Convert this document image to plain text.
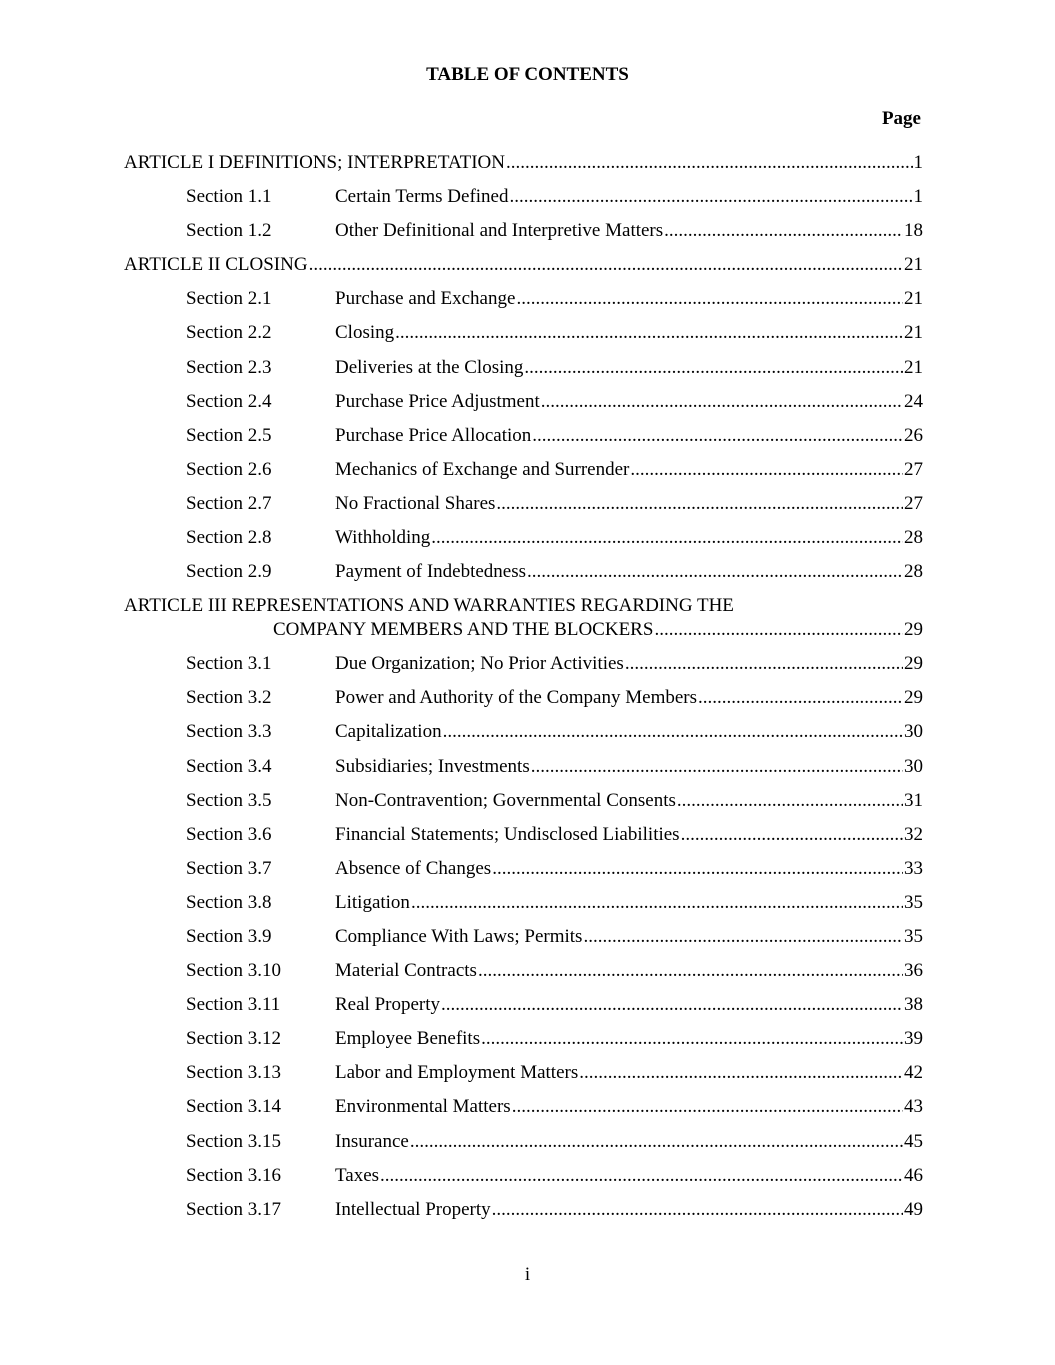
TABLE OF CONTENTS
Page
ARTICLE I DEFINITIONS; INTERPRETATION .....	1
Section 1.1	Certain Terms Defined .....	1
Section 1.2	Other Definitional and Interpretive Matters .....	18
ARTICLE II CLOSING .....	21
Section 2.1	Purchase and Exchange .....	21
Section 2.2	Closing .....	21
Section 2.3	Deliveries at the Closing .....	21
Section 2.4	Purchase Price Adjustment .....	24
Section 2.5	Purchase Price Allocation .....	26
Section 2.6	Mechanics of Exchange and Surrender .....	27
Section 2.7	No Fractional Shares .....	27
Section 2.8	Withholding .....	28
Section 2.9	Payment of Indebtedness .....	28
ARTICLE III REPRESENTATIONS AND WARRANTIES REGARDING THE
COMPANY MEMBERS AND THE BLOCKERS .....	29
Section 3.1	Due Organization; No Prior Activities .....	29
Section 3.2	Power and Authority of the Company Members .....	29
Section 3.3	Capitalization .....	30
Section 3.4	Subsidiaries; Investments .....	30
Section 3.5	Non-Contravention; Governmental Consents .....	31
Section 3.6	Financial Statements; Undisclosed Liabilities .....	32
Section 3.7	Absence of Changes .....	33
Section 3.8	Litigation .....	35
Section 3.9	Compliance With Laws; Permits .....	35
Section 3.10	Material Contracts .....	36
Section 3.11	Real Property .....	38
Section 3.12	Employee Benefits .....	39
Section 3.13	Labor and Employment Matters .....	42
Section 3.14	Environmental Matters .....	43
Section 3.15	Insurance .....	45
Section 3.16	Taxes .....	46
Section 3.17	Intellectual Property .....	49
i
